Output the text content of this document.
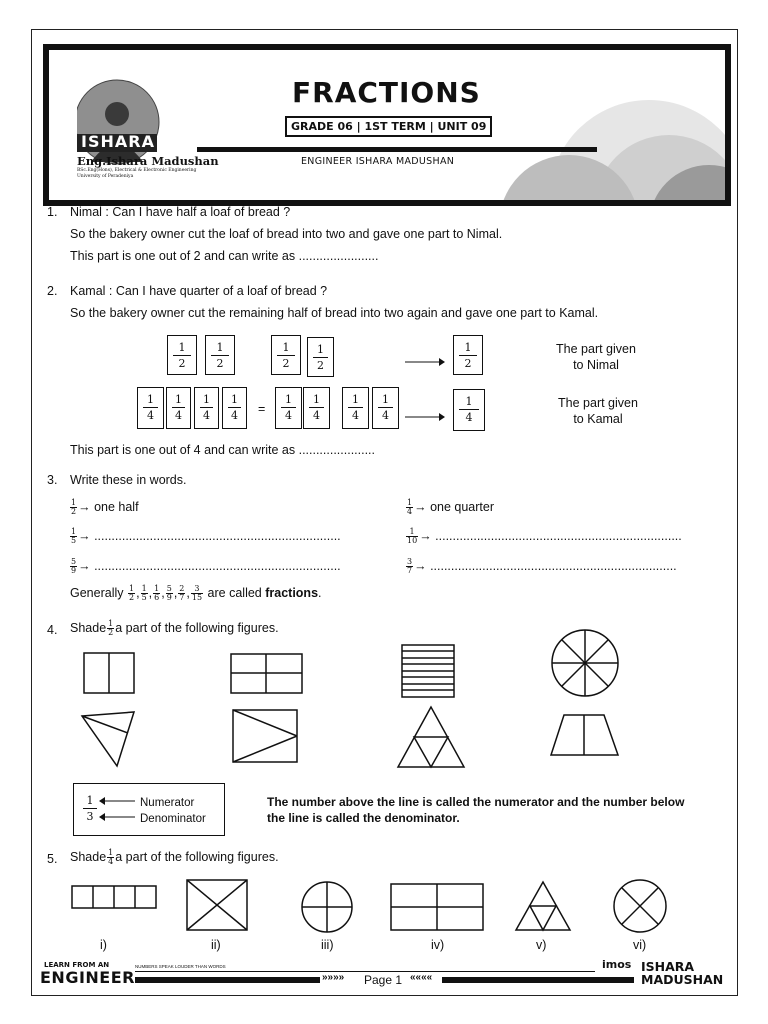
ISHARA
Eng.Ishara Madushan
BSc.Eng(Hons), Electrical & Electronic Engineering
University of Peradeniya
FRACTIONS
GRADE 06 | 1ST TERM | UNIT 09
ENGINEER ISHARA MADUSHAN
1. Nimal : Can I have half a loaf of bread ?
So the bakery owner cut the loaf of bread into two and gave one part to Nimal.
This part is one out of 2 and can write as .......................
2. Kamal : Can I have quarter of a loaf of bread ?
So the bakery owner cut the remaining half of bread into two again and gave one part to Kamal.
1
2
1
2
1
2
1
2
1
2
The part given
to Nimal
1
4
1
4
1
4
1
4	=
1
4
1
4
1
4
1
4
1
4
The part given
to Kamal
This part is one out of 4 and can write as ......................
3. Write these in words.
$\frac{1}{2}$ → one half	$\frac{1}{4}$ → one quarter
$\frac{1}{5}$ → .......................................................................	$\frac{1}{10}$ → .......................................................................
$\frac{5}{9}$ → .......................................................................	$\frac{3}{7}$ → .......................................................................
Generally $\frac{1}{2}$ , $\frac{1}{5}$ , $\frac{1}{6}$ , $\frac{5}{9}$ , $\frac{2}{7}$ , $\frac{3}{15}$ are called fractions.
4. Shade $\frac{1}{2}$ a part of the following figures.
1
3
Numerator
Denominator
The number above the line is called the numerator and the number below
the line is called the denominator.
5. Shade $\frac{1}{4}$ a part of the following figures.
i)	ii)	iii)	iv)	v)	vi)
LEARN FROM AN
ENGINEER
NUMBERS SPEAK LOUDER THAN WORDS
»»»» Page 1 ««««
imos ISHARA
MADUSHAN
